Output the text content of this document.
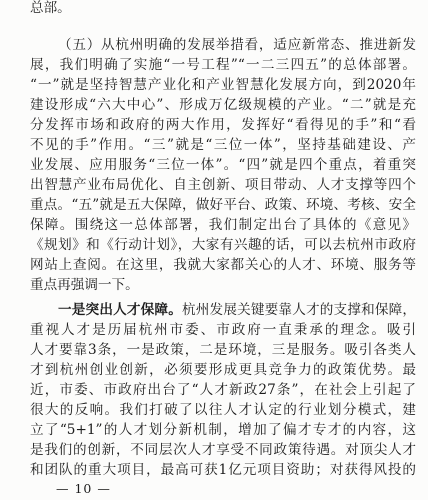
总部。
（五）从杭州明确的发展举措看，适应新常态、推进新发
展，我们明确了实施“一号工程”“一二三四五”的总体部署。
“一”就是坚持智慧产业化和产业智慧化发展方向，到2020年
建设形成“六大中心”、形成万亿级规模的产业。“二”就是充
分发挥市场和政府的两大作用，发挥好“看得见的手”和“看
不见的手”作用。“三”就是“三位一体”，坚持基础建设、产
业发展、应用服务“三位一体”。“四”就是四个重点，着重突
出智慧产业布局优化、自主创新、项目带动、人才支撑等四个
重点。“五”就是五大保障，做好平台、政策、环境、考核、安全
保障。围绕这一总体部署，我们制定出台了具体的《意见》
《规划》和《行动计划》，大家有兴趣的话，可以去杭州市政府
网站上查阅。在这里，我就大家都关心的人才、环境、服务等
重点再强调一下。
一是突出人才保障。杭州发展关键要靠人才的支撑和保障，
重视人才是历届杭州市委、市政府一直秉承的理念。吸引
人才要靠3条，一是政策，二是环境，三是服务。吸引各类人
才到杭州创业创新，必须要形成更具竞争力的政策优势。最
近，市委、市政府出台了“人才新政27条”，在社会上引起了
很大的反响。我们打破了以往人才认定的行业划分模式，建
立了“5+1”的人才划分新机制，增加了偏才专才的内容，这
是我们的创新，不同层次人才享受不同政策待遇。对顶尖人才
和团队的重大项目，最高可获1亿元项目资助；对获得风投的
— 10 —
